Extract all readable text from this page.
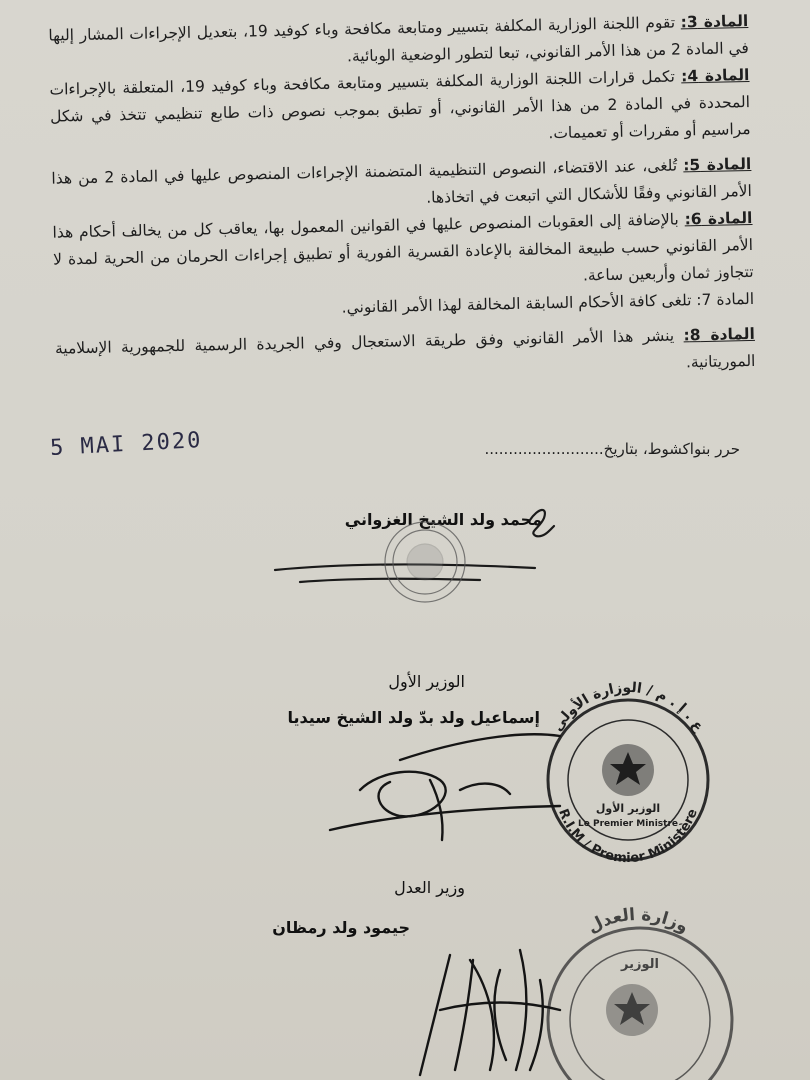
المادة 3: تقوم اللجنة الوزارية المكلفة بتسيير ومتابعة مكافحة وباء كوفيد 19، بتعديل الإجراءات المشار إليها في المادة 2 من هذا الأمر القانوني، تبعا لتطور الوضعية الوبائية.

المادة 4: تكمل قرارات اللجنة الوزارية المكلفة بتسيير ومتابعة مكافحة وباء كوفيد 19، المتعلقة بالإجراءات المحددة في المادة 2 من هذا الأمر القانوني، أو تطبق بموجب نصوص ذات طابع تنظيمي تتخذ في شكل مراسيم أو مقررات أو تعميمات.

المادة 5: تُلغى، عند الاقتضاء، النصوص التنظيمية المتضمنة الإجراءات المنصوص عليها في المادة 2 من هذا الأمر القانوني وفقًا للأشكال التي اتبعت في اتخاذها.

المادة 6: بالإضافة إلى العقوبات المنصوص عليها في القوانين المعمول بها، يعاقب كل من يخالف أحكام هذا الأمر القانوني حسب طبيعة المخالفة بالإعادة القسرية الفورية أو تطبيق إجراءات الحرمان من الحرية لمدة لا تتجاوز ثمان وأربعين ساعة.

المادة 7: تلغى كافة الأحكام السابقة المخالفة لهذا الأمر القانوني.

المادة 8: ينشر هذا الأمر القانوني وفق طريقة الاستعجال وفي الجريدة الرسمية للجمهورية الإسلامية الموريتانية.

حرر بنواكشوط، بتاريخ.........................
5 MAI 2020
محمد ولد الشيخ الغزواني
الوزير الأول
إسماعيل ولد بدّ ولد الشيخ سيديا
وزير العدل
جيمود ولد رمظان
ع . إ . م / الوزارة الأولى
الوزير الأول
Le Premier Ministre
R.I.M / Premier Ministère
وزارة العدل
الوزير
